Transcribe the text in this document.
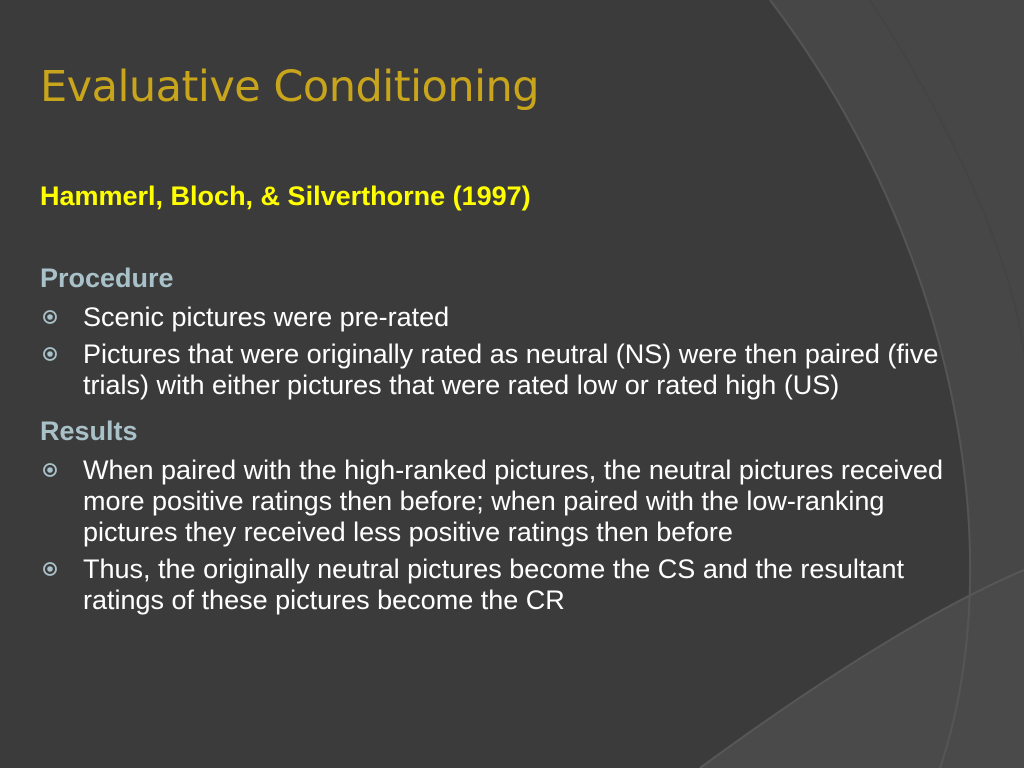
Evaluative Conditioning
Hammerl, Bloch, & Silverthorne (1997)
Procedure
Scenic pictures were pre-rated
Pictures that were originally rated as neutral (NS) were then paired (five trials) with either pictures that were rated low or rated high (US)
Results
When paired with the high-ranked pictures, the neutral pictures received more positive ratings then before; when paired with the low-ranking pictures they received less positive ratings then before
Thus, the originally neutral pictures become the CS and the resultant ratings of these pictures become the CR
